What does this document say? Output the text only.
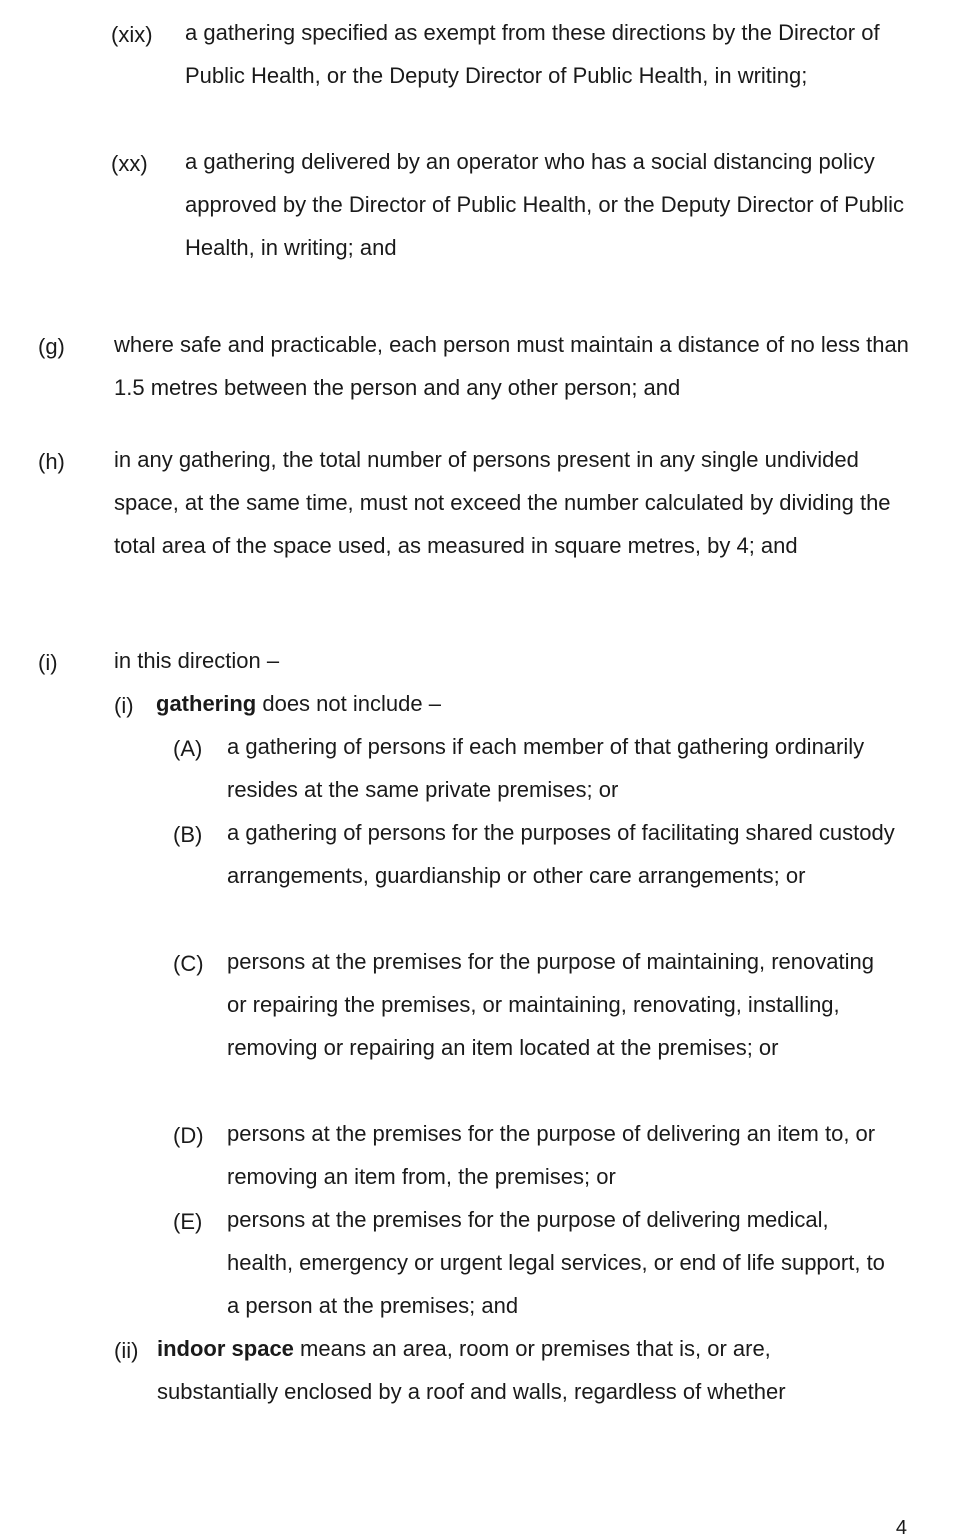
(xix) a gathering specified as exempt from these directions by the Director of Public Health, or the Deputy Director of Public Health, in writing;
(xx) a gathering delivered by an operator who has a social distancing policy approved by the Director of Public Health, or the Deputy Director of Public Health, in writing; and
(g) where safe and practicable, each person must maintain a distance of no less than 1.5 metres between the person and any other person; and
(h) in any gathering, the total number of persons present in any single undivided space, at the same time, must not exceed the number calculated by dividing the total area of the space used, as measured in square metres, by 4; and
(i)	in this direction –
(i) gathering does not include –
(A) a gathering of persons if each member of that gathering ordinarily resides at the same private premises; or
(B) a gathering of persons for the purposes of facilitating shared custody arrangements, guardianship or other care arrangements; or
(C) persons at the premises for the purpose of maintaining, renovating or repairing the premises, or maintaining, renovating, installing, removing or repairing an item located at the premises; or
(D) persons at the premises for the purpose of delivering an item to, or removing an item from, the premises; or
(E) persons at the premises for the purpose of delivering medical, health, emergency or urgent legal services, or end of life support, to a person at the premises; and
(ii) indoor space means an area, room or premises that is, or are, substantially enclosed by a roof and walls, regardless of whether
4
